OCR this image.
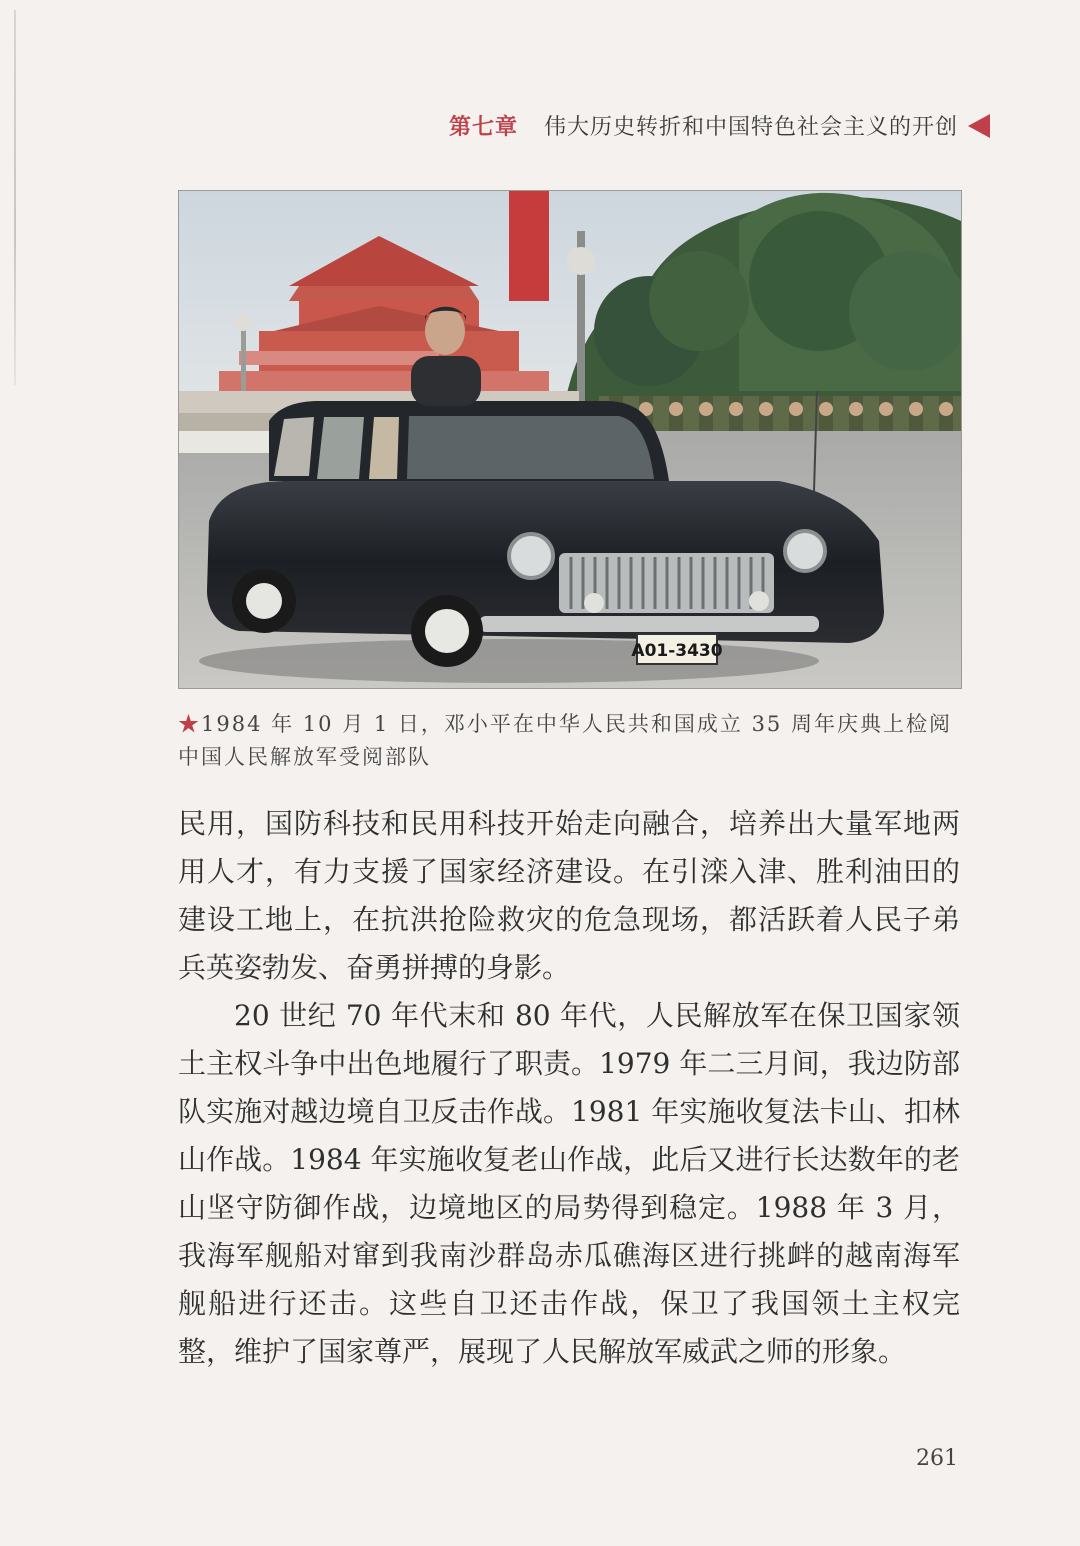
第七章 伟大历史转折和中国特色社会主义的开创
A01-3430
★1984 年 10 月 1 日，邓小平在中华人民共和国成立 35 周年庆典上检阅
中国人民解放军受阅部队

民用，国防科技和民用科技开始走向融合，培养出大量军地两用人才，有力支援了国家经济建设。在引滦入津、胜利油田的建设工地上，在抗洪抢险救灾的危急现场，都活跃着人民子弟兵英姿勃发、奋勇拼搏的身影。

20 世纪 70 年代末和 80 年代，人民解放军在保卫国家领土主权斗争中出色地履行了职责。1979 年二三月间，我边防部队实施对越边境自卫反击作战。1981 年实施收复法卡山、扣林山作战。1984 年实施收复老山作战，此后又进行长达数年的老山坚守防御作战，边境地区的局势得到稳定。1988 年 3 月，我海军舰船对窜到我南沙群岛赤瓜礁海区进行挑衅的越南海军舰船进行还击。这些自卫还击作战，保卫了我国领土主权完整，维护了国家尊严，展现了人民解放军威武之师的形象。

261
